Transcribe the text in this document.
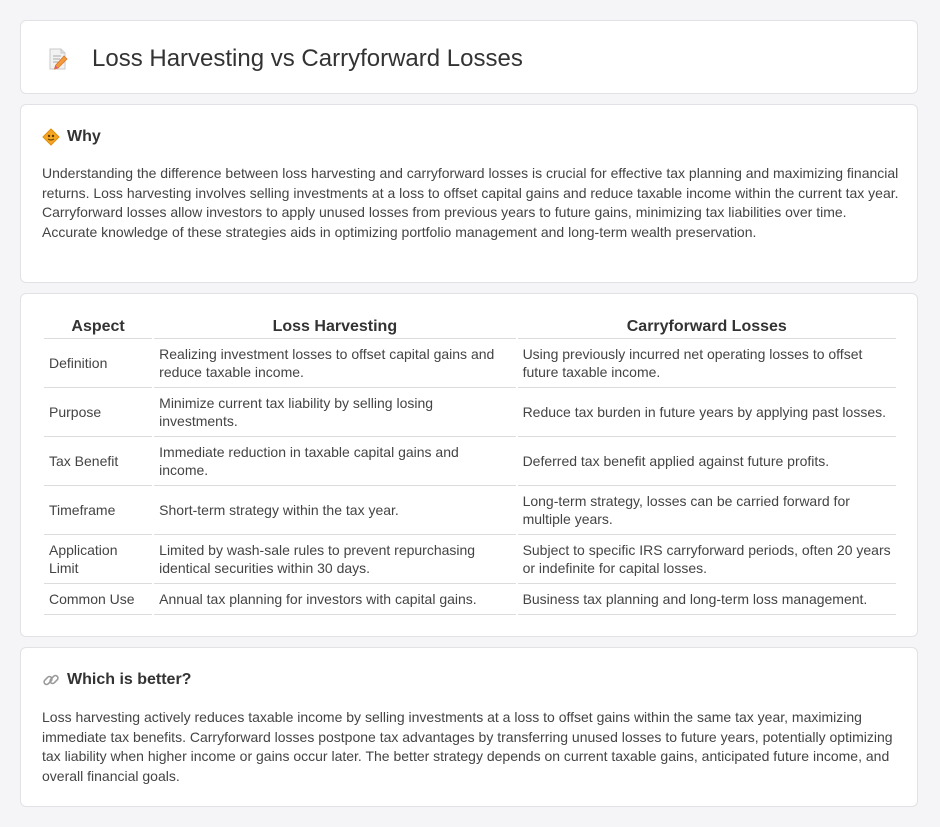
Loss Harvesting vs Carryforward Losses
Why

Understanding the difference between loss harvesting and carryforward losses is crucial for effective tax planning and maximizing financial returns. Loss harvesting involves selling investments at a loss to offset capital gains and reduce taxable income within the current tax year. Carryforward losses allow investors to apply unused losses from previous years to future gains, minimizing tax liabilities over time. Accurate knowledge of these strategies aids in optimizing portfolio management and long-term wealth preservation.

Aspect	Loss Harvesting	Carryforward Losses
Definition	Realizing investment losses to offset capital gains and reduce taxable income.	Using previously incurred net operating losses to offset future taxable income.
Purpose	Minimize current tax liability by selling losing investments.	Reduce tax burden in future years by applying past losses.
Tax Benefit	Immediate reduction in taxable capital gains and income.	Deferred tax benefit applied against future profits.
Timeframe	Short-term strategy within the tax year.	Long-term strategy, losses can be carried forward for multiple years.
Application Limit	Limited by wash-sale rules to prevent repurchasing identical securities within 30 days.	Subject to specific IRS carryforward periods, often 20 years or indefinite for capital losses.
Common Use	Annual tax planning for investors with capital gains.	Business tax planning and long-term loss management.
Which is better?

Loss harvesting actively reduces taxable income by selling investments at a loss to offset gains within the same tax year, maximizing immediate tax benefits. Carryforward losses postpone tax advantages by transferring unused losses to future years, potentially optimizing tax liability when higher income or gains occur later. The better strategy depends on current taxable gains, anticipated future income, and overall financial goals.
